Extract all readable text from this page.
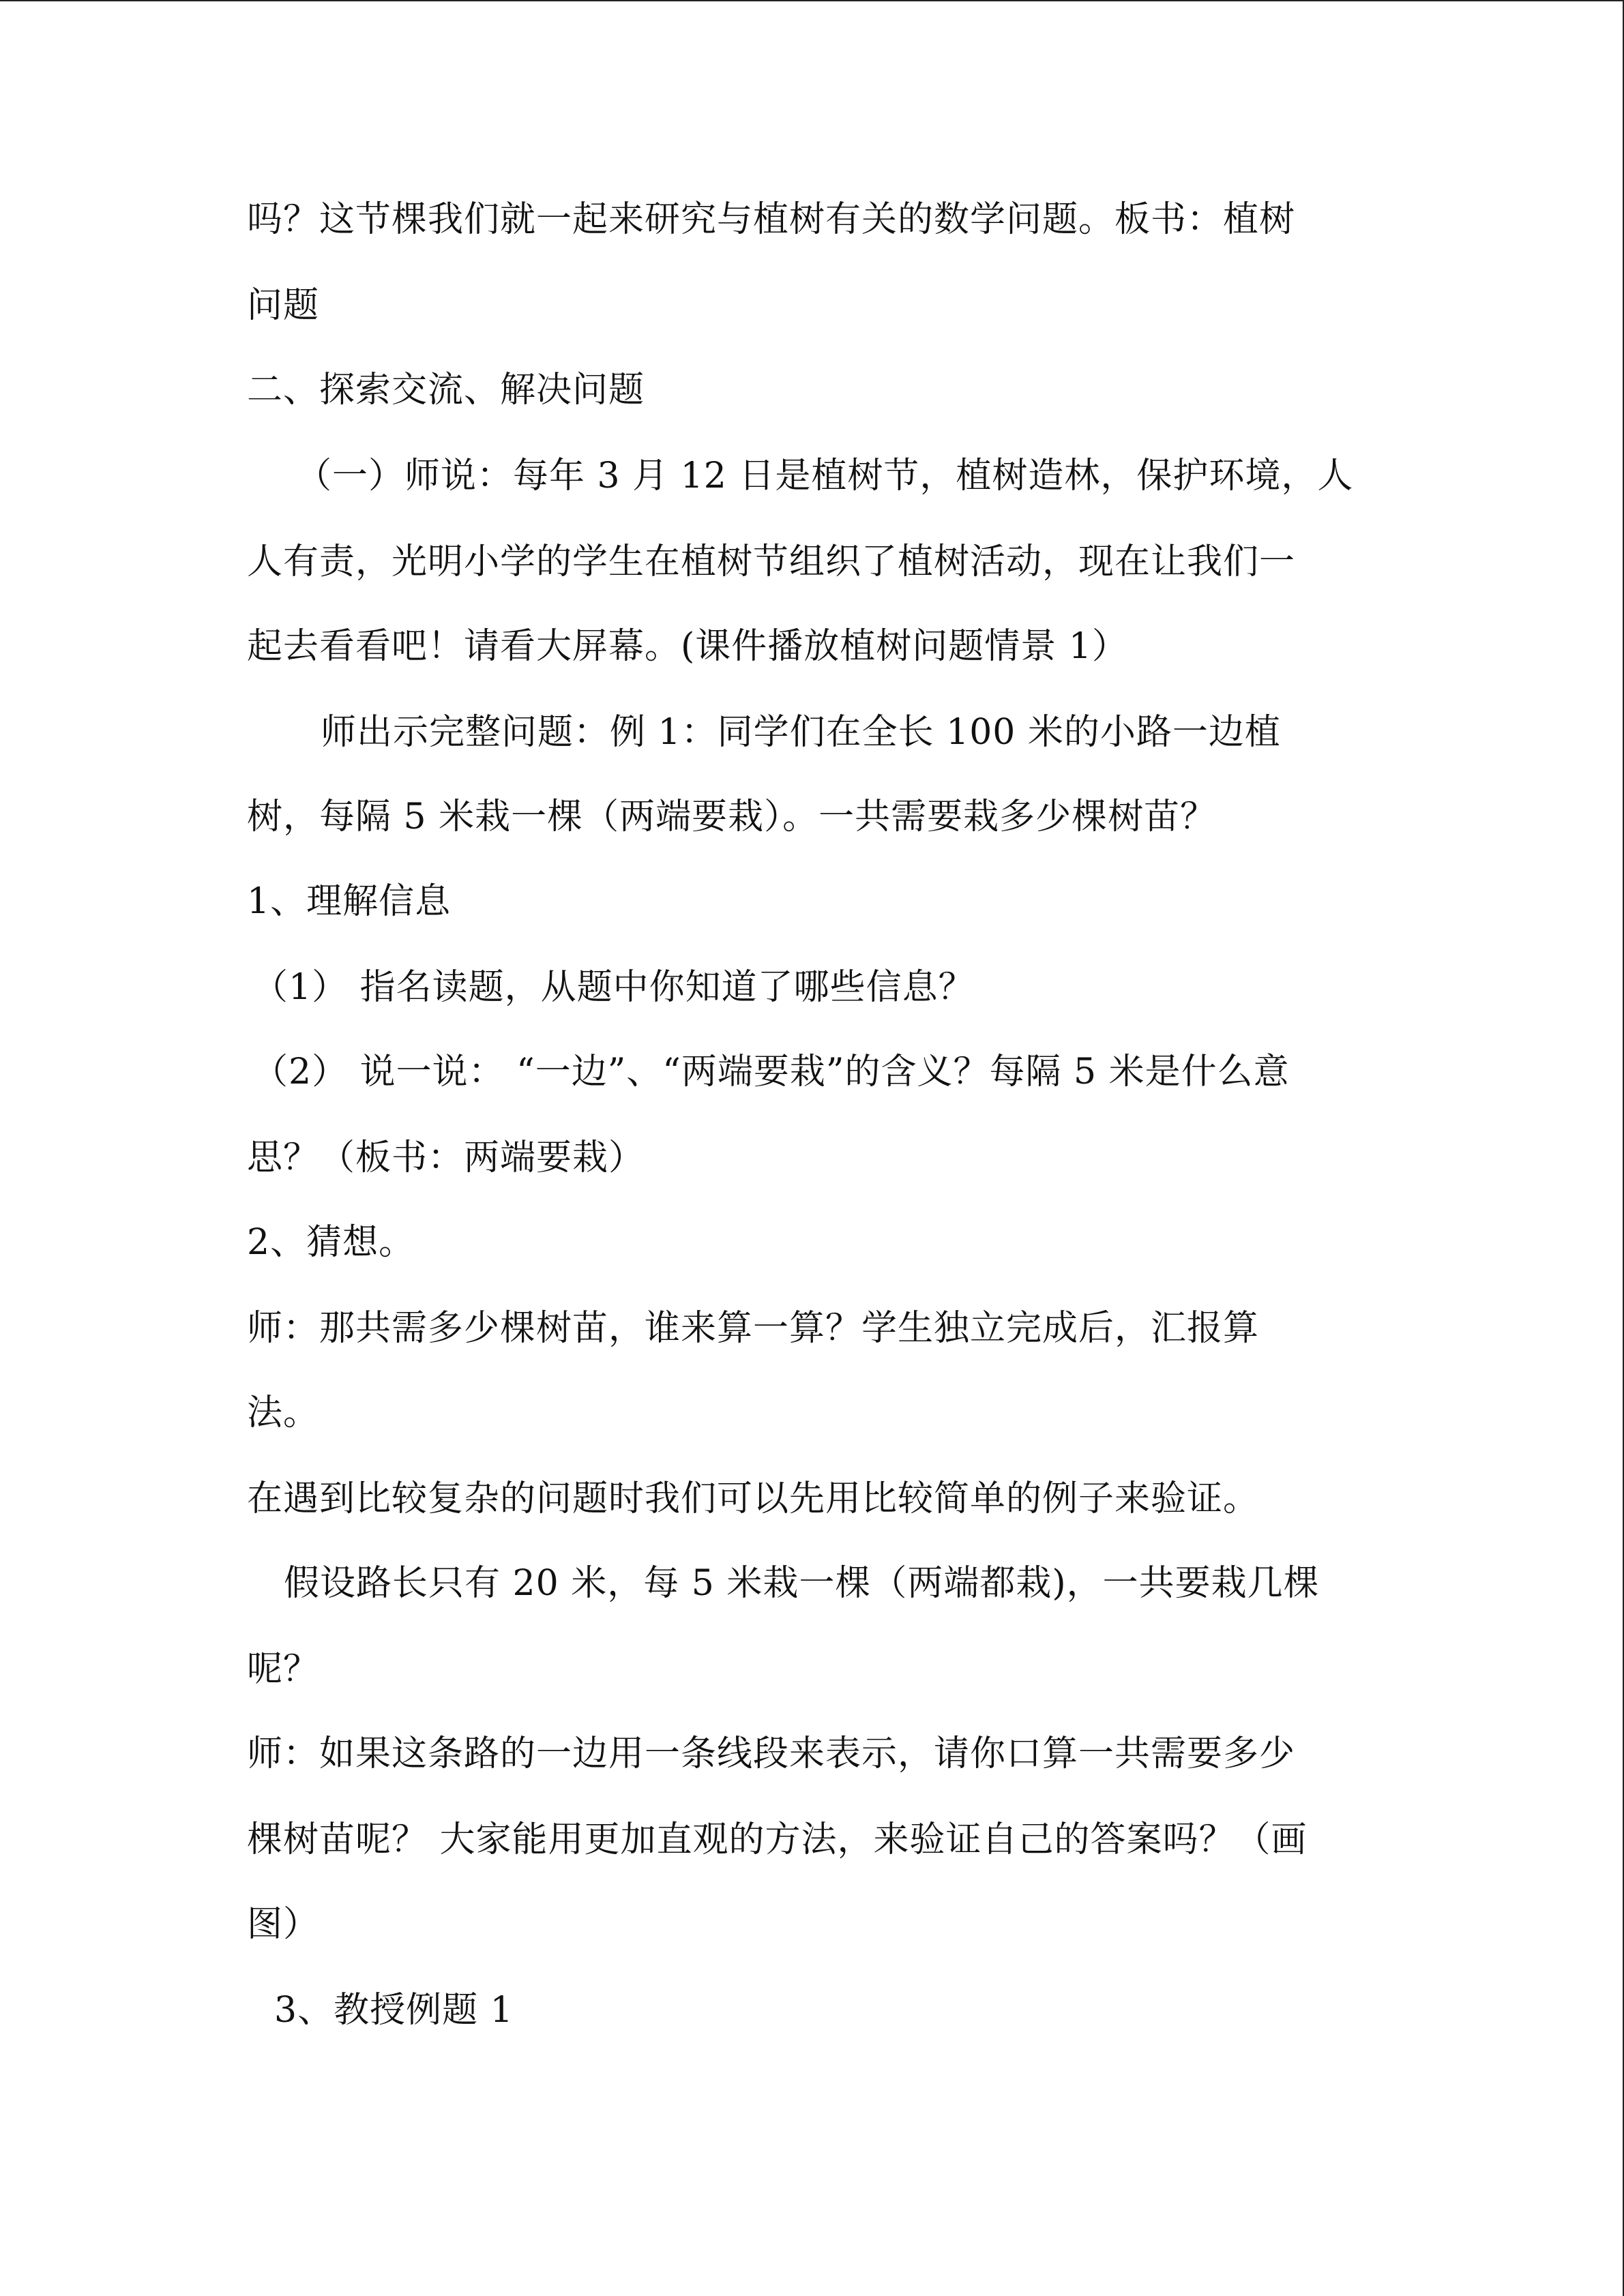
吗？这节棵我们就一起来研究与植树有关的数学问题。板书：植树
问题
二、探索交流、解决问题
（一）师说：每年 3 月 12 日是植树节，植树造林，保护环境，人
人有责，光明小学的学生在植树节组织了植树活动，现在让我们一
起去看看吧！请看大屏幕。(课件播放植树问题情景 1）
师出示完整问题：例 1：同学们在全长 100 米的小路一边植
树，每隔 5 米栽一棵（两端要栽）。一共需要栽多少棵树苗？
1、理解信息
（1） 指名读题，从题中你知道了哪些信息？
（2） 说一说： “一边”、“两端要栽”的含义？每隔 5 米是什么意
思？（板书：两端要栽）
2、猜想。
师：那共需多少棵树苗，谁来算一算？学生独立完成后，汇报算
法。
在遇到比较复杂的问题时我们可以先用比较简单的例子来验证。
假设路长只有 20 米，每 5 米栽一棵（两端都栽)，一共要栽几棵
呢？
师：如果这条路的一边用一条线段来表示，请你口算一共需要多少
棵树苗呢？ 大家能用更加直观的方法，来验证自己的答案吗？（画
图）
3、教授例题 1
